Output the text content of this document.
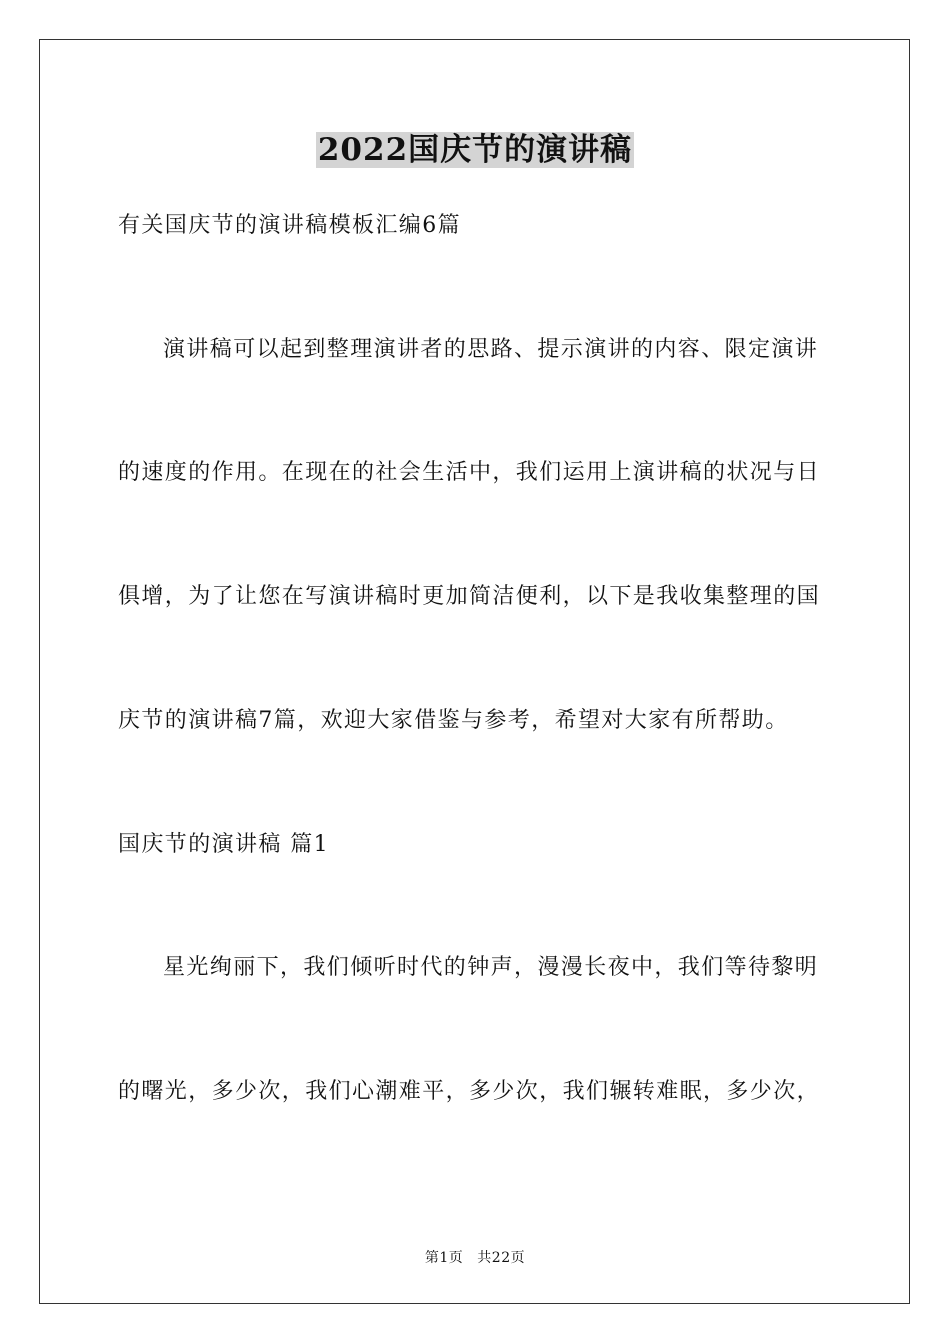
2022国庆节的演讲稿
有关国庆节的演讲稿模板汇编6篇
演讲稿可以起到整理演讲者的思路、提示演讲的内容、限定演讲
的速度的作用。在现在的社会生活中，我们运用上演讲稿的状况与日
俱增，为了让您在写演讲稿时更加简洁便利，以下是我收集整理的国
庆节的演讲稿7篇，欢迎大家借鉴与参考，希望对大家有所帮助。
国庆节的演讲稿 篇1
星光绚丽下，我们倾听时代的钟声，漫漫长夜中，我们等待黎明
的曙光，多少次，我们心潮难平，多少次，我们辗转难眠，多少次，
第1页 共22页
